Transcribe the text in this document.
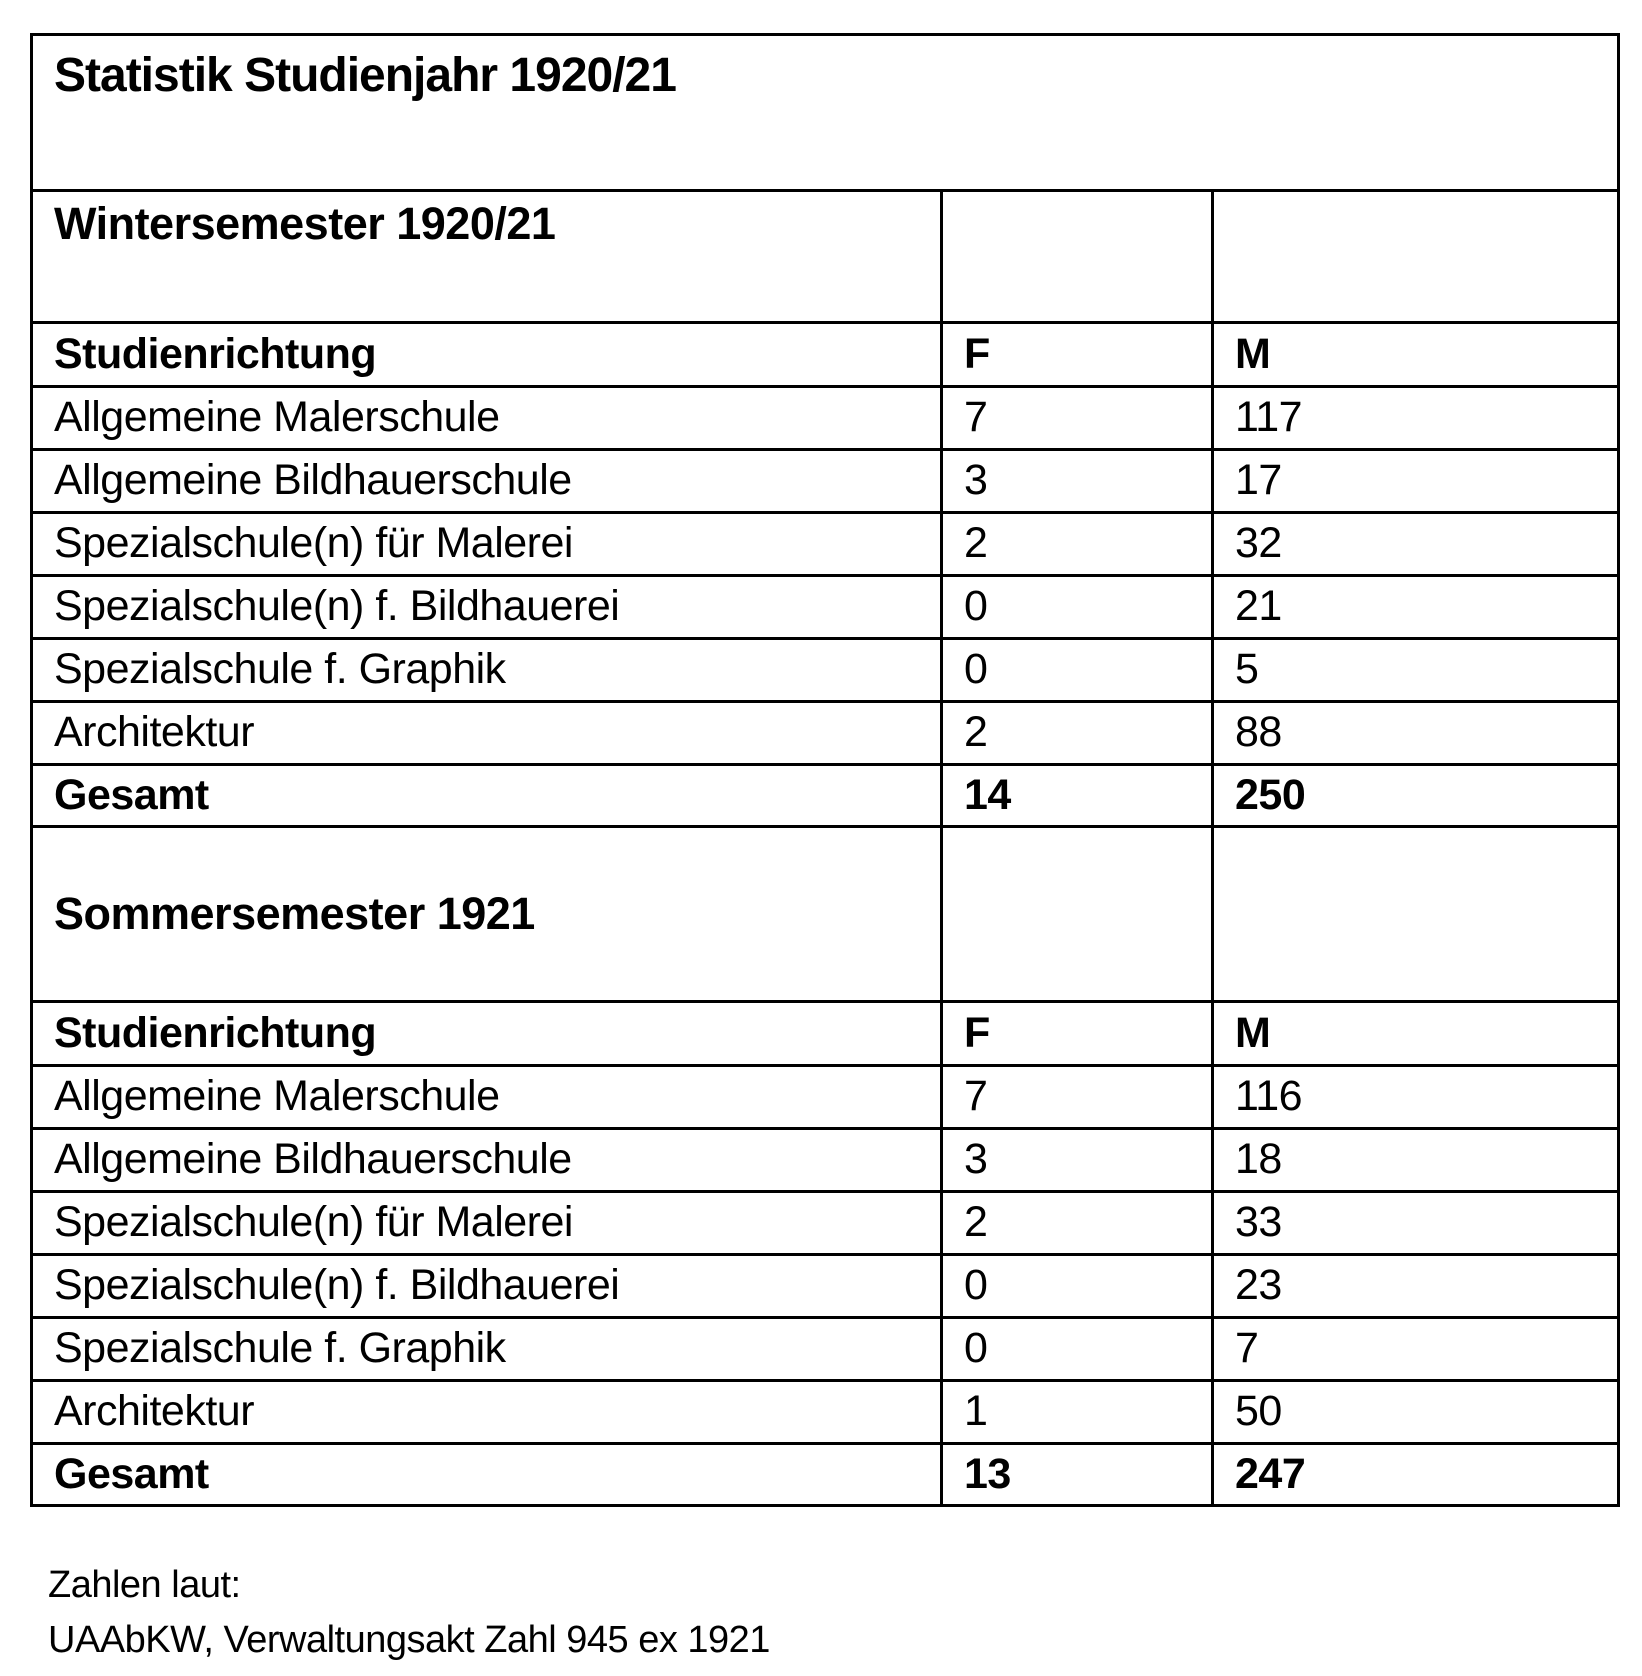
Statistik Studienjahr 1920/21		
Wintersemester 1920/21		
Studienrichtung	F	M
Allgemeine Malerschule	7	117
Allgemeine Bildhauerschule	3	17
Spezialschule(n) für Malerei	2	32
Spezialschule(n) f. Bildhauerei	0	21
Spezialschule f. Graphik	0	5
Architektur	2	88
Gesamt	14	250
Sommersemester 1921		
Studienrichtung	F	M
Allgemeine Malerschule	7	116
Allgemeine Bildhauerschule	3	18
Spezialschule(n) für Malerei	2	33
Spezialschule(n) f. Bildhauerei	0	23
Spezialschule f. Graphik	0	7
Architektur	1	50
Gesamt	13	247
Zahlen laut:
UAAbKW, Verwaltungsakt Zahl 945 ex 1921
